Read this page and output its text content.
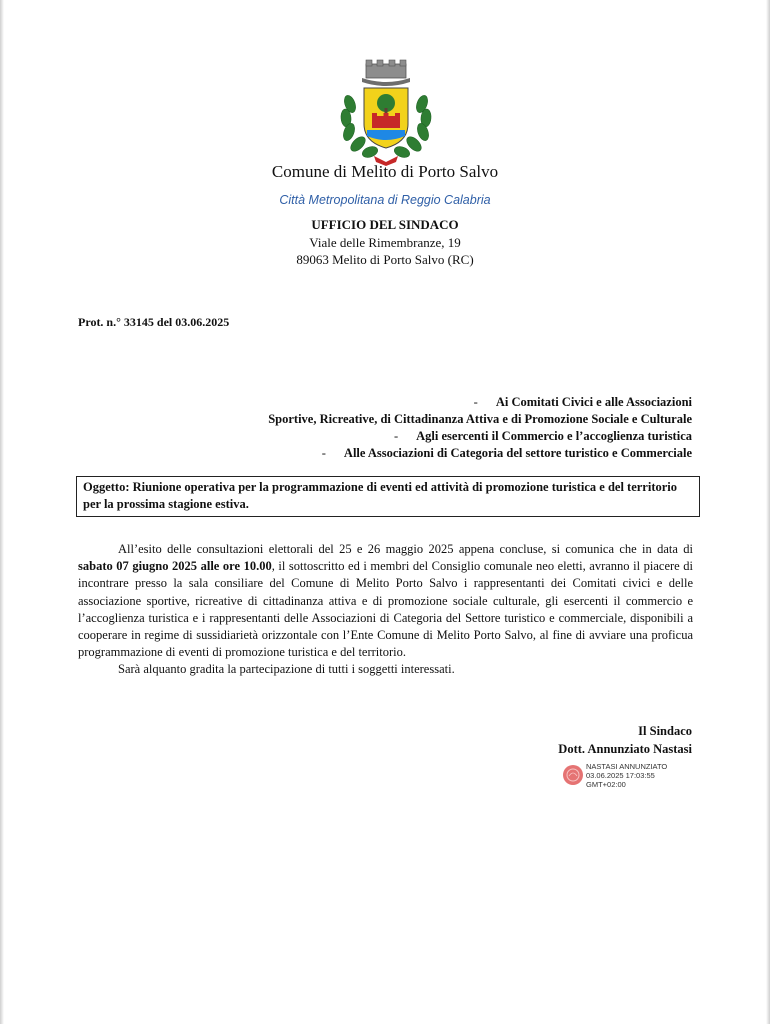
Comune di Melito di Porto Salvo
Città Metropolitana di Reggio Calabria
UFFICIO DEL SINDACO
Viale delle Rimembranze, 19
89063 Melito di Porto Salvo (RC)
Prot. n.° 33145 del 03.06.2025
- Ai Comitati Civici e alle Associazioni
Sportive, Ricreative, di Cittadinanza Attiva e di Promozione Sociale e Culturale
- Agli esercenti il Commercio e l’accoglienza turistica
- Alle Associazioni di Categoria del settore turistico e Commerciale
Oggetto: Riunione operativa per la programmazione di eventi ed attività di promozione turistica e del territorio per la prossima stagione estiva.

All’esito delle consultazioni elettorali del 25 e 26 maggio 2025 appena concluse, si comunica che in data di sabato 07 giugno 2025 alle ore 10.00, il sottoscritto ed i membri del Consiglio comunale neo eletti, avranno il piacere di incontrare presso la sala consiliare del Comune di Melito Porto Salvo i rappresentanti dei Comitati civici e delle associazione sportive, ricreative di cittadinanza attiva e di promozione sociale culturale, gli esercenti il commercio e l’accoglienza turistica e i rappresentanti delle Associazioni di Categoria del Settore turistico e commerciale, disponibili a cooperare in regime di sussidiarietà orizzontale con l’Ente Comune di Melito Porto Salvo, al fine di avviare una proficua programmazione di eventi di promozione turistica e del territorio.

Sarà alquanto gradita la partecipazione di tutti i soggetti interessati.

Il Sindaco
Dott. Annunziato Nastasi
NASTASI ANNUNZIATO
03.06.2025 17:03:55
GMT+02:00
